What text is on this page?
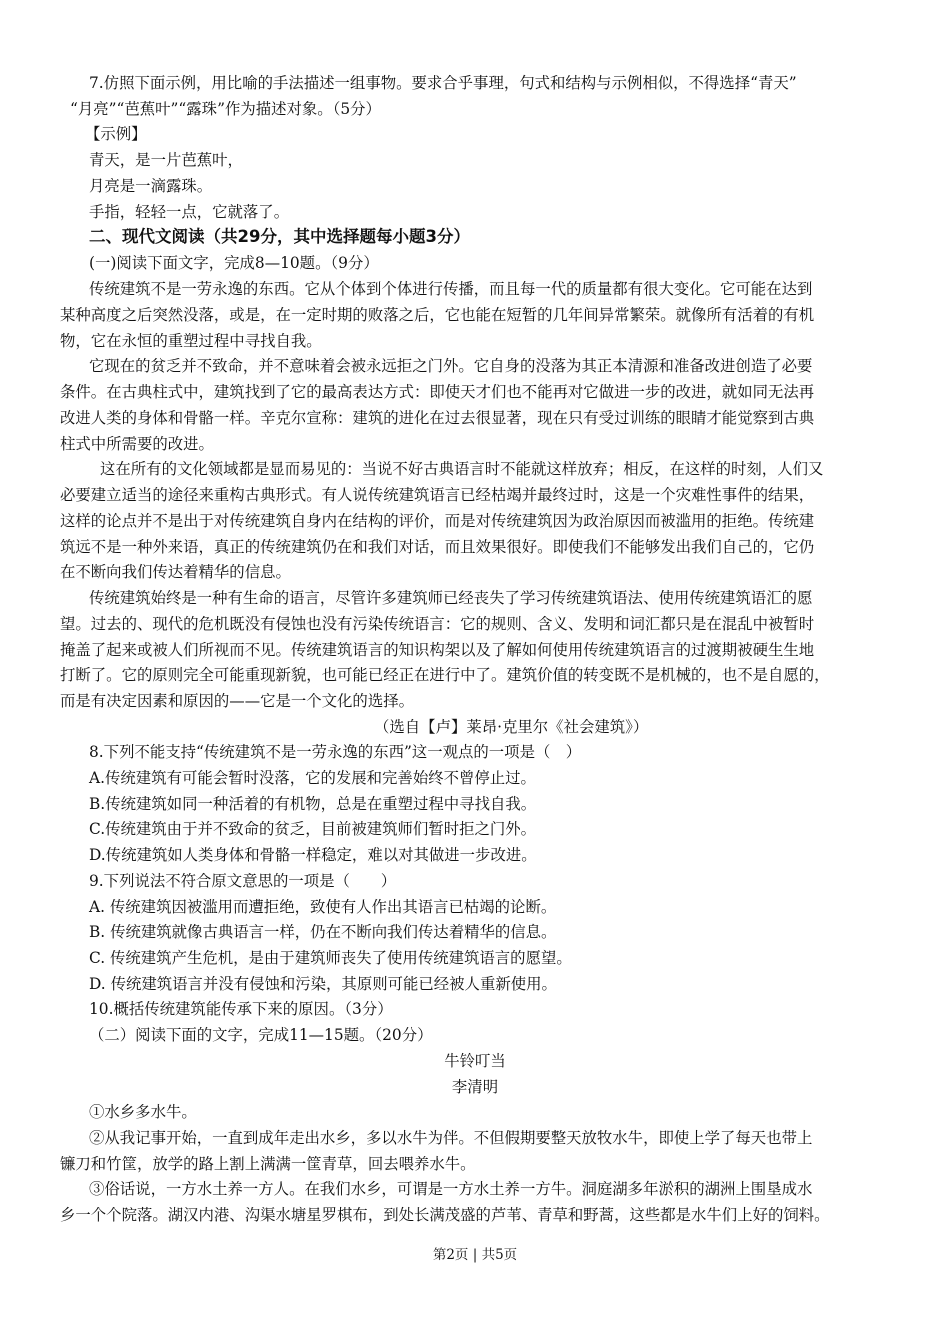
7.仿照下面示例，用比喻的手法描述一组事物。要求合乎事理，句式和结构与示例相似，不得选择“青天”
“月亮”“芭蕉叶”“露珠”作为描述对象。（5分）
【示例】
青天，是一片芭蕉叶，
月亮是一滴露珠。
手指，轻轻一点，它就落了。
二、现代文阅读（共29分，其中选择题每小题3分）
(一)阅读下面文字，完成8—10题。（9分）
传统建筑不是一劳永逸的东西。它从个体到个体进行传播，而且每一代的质量都有很大变化。它可能在达到
某种高度之后突然没落，或是，在一定时期的败落之后，它也能在短暂的几年间异常繁荣。就像所有活着的有机
物，它在永恒的重塑过程中寻找自我。
它现在的贫乏并不致命，并不意味着会被永远拒之门外。它自身的没落为其正本清源和准备改进创造了必要
条件。在古典柱式中，建筑找到了它的最高表达方式：即使天才们也不能再对它做进一步的改进，就如同无法再
改进人类的身体和骨骼一样。辛克尔宣称：建筑的进化在过去很显著，现在只有受过训练的眼睛才能觉察到古典
柱式中所需要的改进。
这在所有的文化领域都是显而易见的：当说不好古典语言时不能就这样放弃；相反，在这样的时刻，人们又
必要建立适当的途径来重构古典形式。有人说传统建筑语言已经枯竭并最终过时，这是一个灾难性事件的结果，
这样的论点并不是出于对传统建筑自身内在结构的评价，而是对传统建筑因为政治原因而被滥用的拒绝。传统建
筑远不是一种外来语，真正的传统建筑仍在和我们对话，而且效果很好。即使我们不能够发出我们自己的，它仍
在不断向我们传达着精华的信息。
传统建筑始终是一种有生命的语言，尽管许多建筑师已经丧失了学习传统建筑语法、使用传统建筑语汇的愿
望。过去的、现代的危机既没有侵蚀也没有污染传统语言：它的规则、含义、发明和词汇都只是在混乱中被暂时
掩盖了起来或被人们所视而不见。传统建筑语言的知识构架以及了解如何使用传统建筑语言的过渡期被硬生生地
打断了。它的原则完全可能重现新貌，也可能已经正在进行中了。建筑价值的转变既不是机械的，也不是自愿的，
而是有决定因素和原因的——它是一个文化的选择。
（选自【卢】莱昂·克里尔《社会建筑》）
8.下列不能支持“传统建筑不是一劳永逸的东西”这一观点的一项是（　）
A.传统建筑有可能会暂时没落，它的发展和完善始终不曾停止过。
B.传统建筑如同一种活着的有机物，总是在重塑过程中寻找自我。
C.传统建筑由于并不致命的贫乏，目前被建筑师们暂时拒之门外。
D.传统建筑如人类身体和骨骼一样稳定，难以对其做进一步改进。
9.下列说法不符合原文意思的一项是（　　）
A. 传统建筑因被滥用而遭拒绝，致使有人作出其语言已枯竭的论断。
B. 传统建筑就像古典语言一样，仍在不断向我们传达着精华的信息。
C. 传统建筑产生危机，是由于建筑师丧失了使用传统建筑语言的愿望。
D. 传统建筑语言并没有侵蚀和污染，其原则可能已经被人重新使用。
10.概括传统建筑能传承下来的原因。（3分）
（二）阅读下面的文字，完成11—15题。（20分）
牛铃叮当
李清明
①水乡多水牛。
②从我记事开始，一直到成年走出水乡，多以水牛为伴。不但假期要整天放牧水牛，即使上学了每天也带上
镰刀和竹筐，放学的路上割上满满一筐青草，回去喂养水牛。
③俗话说，一方水土养一方人。在我们水乡，可谓是一方水土养一方牛。洞庭湖多年淤积的湖洲上围垦成水
乡一个个院落。湖汉内港、沟渠水塘星罗棋布，到处长满茂盛的芦苇、青草和野蒿，这些都是水牛们上好的饲料。
第2页 | 共5页
